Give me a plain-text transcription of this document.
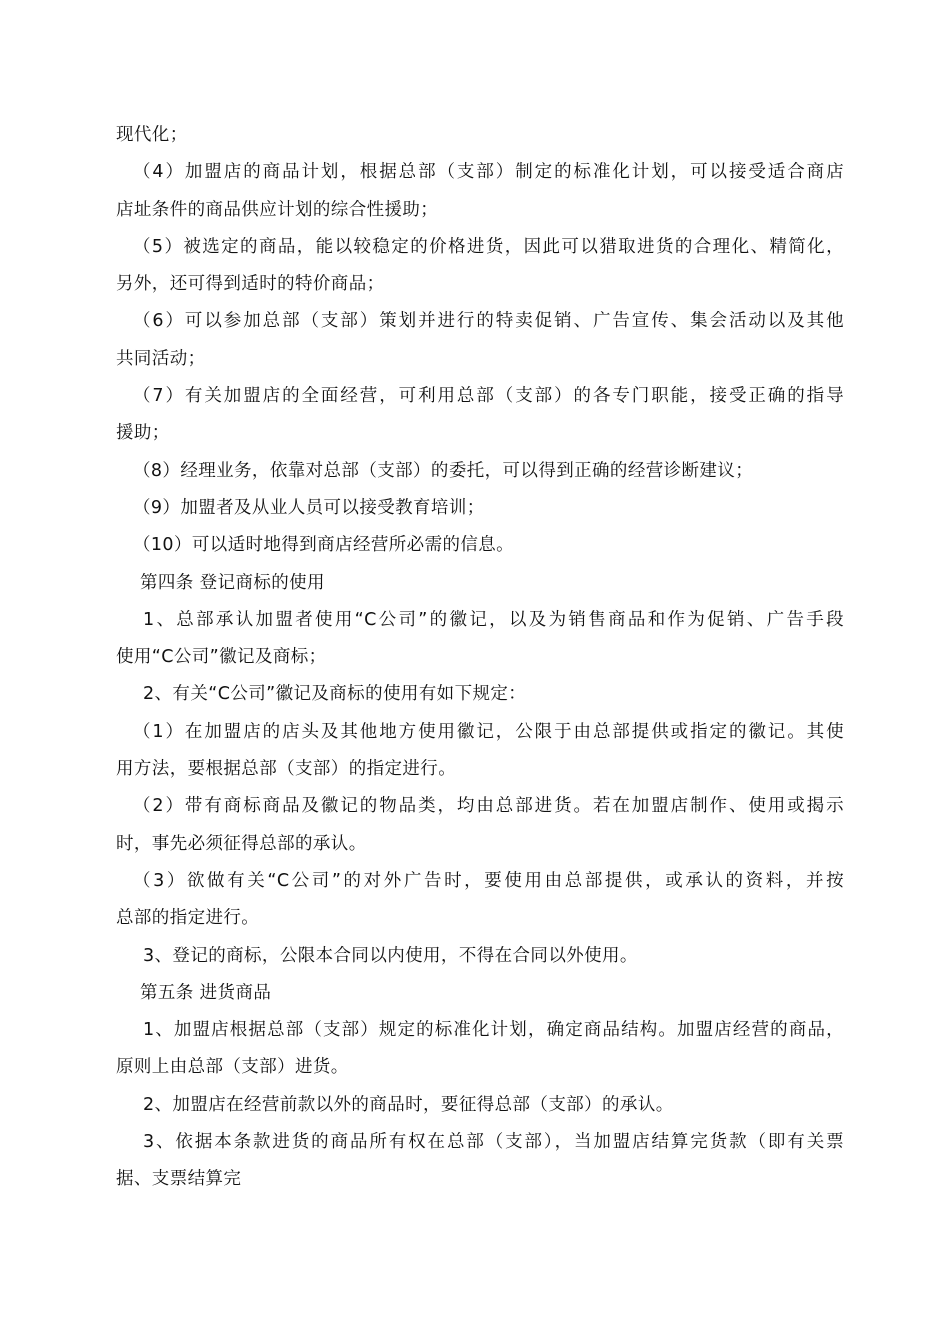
现代化；
（4）加盟店的商品计划，根据总部（支部）制定的标准化计划，可以接受适合商店
店址条件的商品供应计划的综合性援助；
（5）被选定的商品，能以较稳定的价格进货，因此可以猎取进货的合理化、精简化，
另外，还可得到适时的特价商品；
（6）可以参加总部（支部）策划并进行的特卖促销、广告宣传、集会活动以及其他
共同活动；
（7）有关加盟店的全面经营，可利用总部（支部）的各专门职能，接受正确的指导
援助；
（8）经理业务，依靠对总部（支部）的委托，可以得到正确的经营诊断建议；
（9）加盟者及从业人员可以接受教育培训；
（10）可以适时地得到商店经营所必需的信息。
第四条 登记商标的使用
1、总部承认加盟者使用“C公司”的徽记，以及为销售商品和作为促销、广告手段
使用“C公司”徽记及商标；
2、有关“C公司”徽记及商标的使用有如下规定：
（1）在加盟店的店头及其他地方使用徽记，公限于由总部提供或指定的徽记。其使
用方法，要根据总部（支部）的指定进行。
（2）带有商标商品及徽记的物品类，均由总部进货。若在加盟店制作、使用或揭示
时，事先必须征得总部的承认。
（3）欲做有关“C公司”的对外广告时，要使用由总部提供，或承认的资料，并按
总部的指定进行。
3、登记的商标，公限本合同以内使用，不得在合同以外使用。
第五条 进货商品
1、加盟店根据总部（支部）规定的标准化计划，确定商品结构。加盟店经营的商品，
原则上由总部（支部）进货。
2、加盟店在经营前款以外的商品时，要征得总部（支部）的承认。
3、依据本条款进货的商品所有权在总部（支部），当加盟店结算完货款（即有关票
据、支票结算完
